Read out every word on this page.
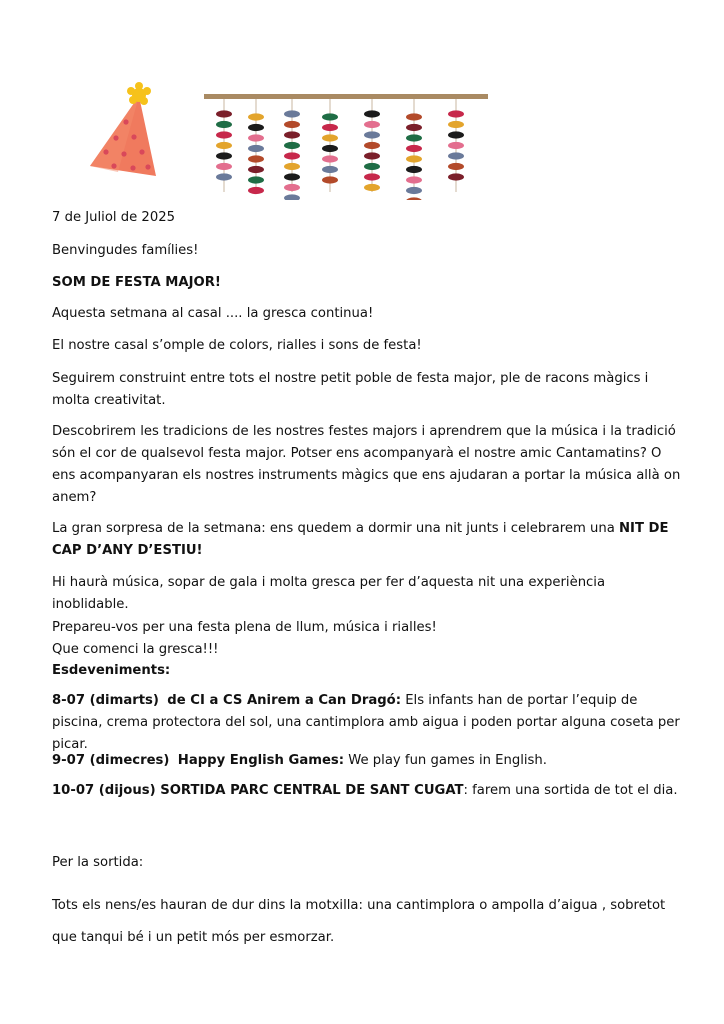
7 de Juliol de 2025
Benvingudes famílies!
SOM DE FESTA MAJOR!
Aquesta setmana al casal .... la gresca continua!
El nostre casal s’omple de colors, rialles i sons de festa!
Seguirem construint entre tots el nostre petit poble de festa major, ple de racons màgics i molta creativitat.
Descobrirem les tradicions de les nostres festes majors i aprendrem que la música i la tradició són el cor de qualsevol festa major. Potser ens acompanyarà el nostre amic Cantamatins? O ens acompanyaran els nostres instruments màgics que ens ajudaran a portar la música allà on anem?
La gran sorpresa de la setmana: ens quedem a dormir una nit junts i celebrarem una NIT DE CAP D’ANY D’ESTIU!
Hi haurà música, sopar de gala i molta gresca per fer d’aquesta nit una experiència inoblidable.
Prepareu-vos per una festa plena de llum, música i rialles!
Que comenci la gresca!!!
Esdeveniments:
8-07 (dimarts) de CI a CS Anirem a Can Dragó: Els infants han de portar l’equip de piscina, crema protectora del sol, una cantimplora amb aigua i poden portar alguna coseta per picar.
9-07 (dimecres) Happy English Games: We play fun games in English.
10-07 (dijous) SORTIDA PARC CENTRAL DE SANT CUGAT: farem una sortida de tot el dia.
Per la sortida:
Tots els nens/es hauran de dur dins la motxilla: una cantimplora o ampolla d’aigua , sobretot
que tanqui bé i un petit mós per esmorzar.
